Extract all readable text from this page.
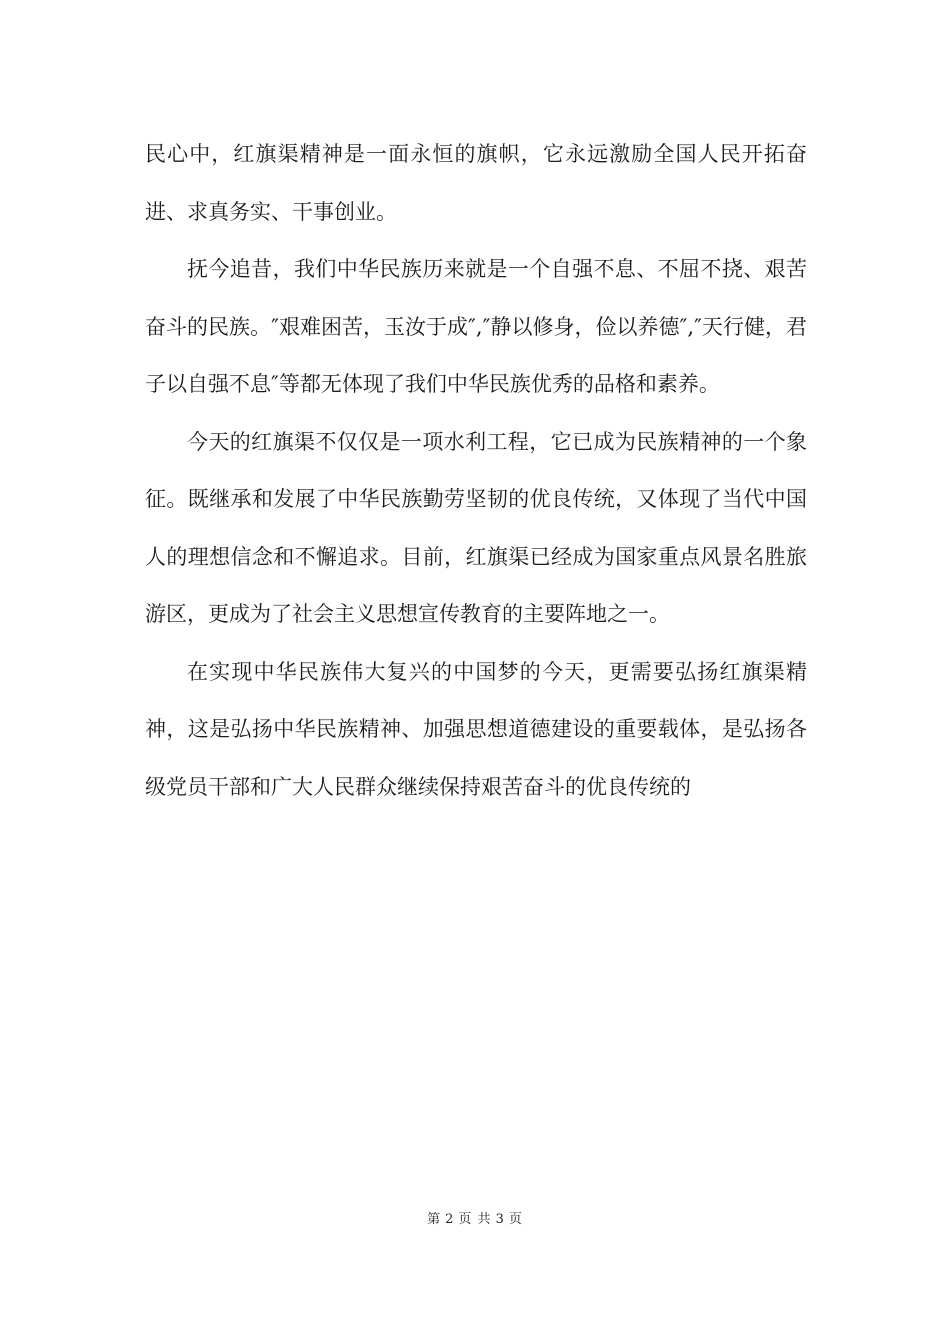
民心中，红旗渠精神是一面永恒的旗帜，它永远激励全国人民开拓奋进、求真务实、干事创业。

抚今追昔，我们中华民族历来就是一个自强不息、不屈不挠、艰苦奋斗的民族。″艰难困苦，玉汝于成″,″静以修身，俭以养德″,″天行健，君子以自强不息″等都无体现了我们中华民族优秀的品格和素养。

今天的红旗渠不仅仅是一项水利工程，它已成为民族精神的一个象征。既继承和发展了中华民族勤劳坚韧的优良传统，又体现了当代中国人的理想信念和不懈追求。目前，红旗渠已经成为国家重点风景名胜旅游区，更成为了社会主义思想宣传教育的主要阵地之一。

在实现中华民族伟大复兴的中国梦的今天，更需要弘扬红旗渠精神，这是弘扬中华民族精神、加强思想道德建设的重要载体，是弘扬各级党员干部和广大人民群众继续保持艰苦奋斗的优良传统的

第 2 页 共 3 页
